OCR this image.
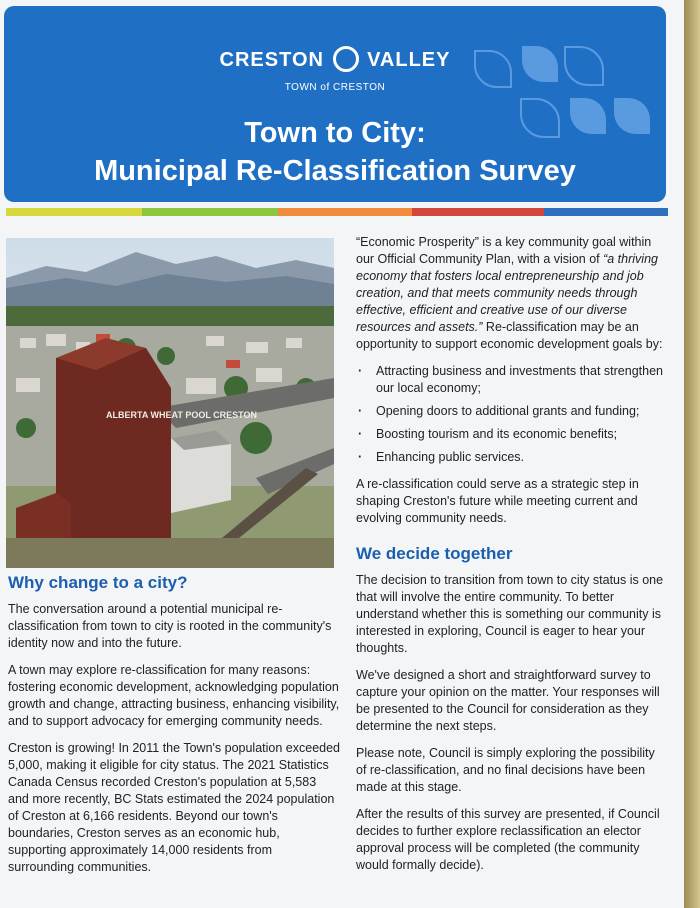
CRESTON VALLEY
TOWN of CRESTON
Town to City:
Municipal Re-Classification Survey
ALBERTA WHEAT POOL CRESTON
Why change to a city?

The conversation around a potential municipal re-classification from town to city is rooted in the community's identity now and into the future.

A town may explore re-classification for many reasons: fostering economic development, acknowledging population growth and change, attracting business, enhancing visibility, and to support advocacy for emerging community needs.

Creston is growing! In 2011 the Town's population exceeded 5,000, making it eligible for city status. The 2021 Statistics Canada Census recorded Creston's population at 5,583 and more recently, BC Stats estimated the 2024 population of Creston at 6,166 residents. Beyond our town's boundaries, Creston serves as an economic hub, supporting approximately 14,000 residents from surrounding communities.

“Economic Prosperity” is a key community goal within our Official Community Plan, with a vision of “a thriving economy that fosters local entrepreneurship and job creation, and that meets community needs through effective, efficient and creative use of our diverse resources and assets.” Re-classification may be an opportunity to support economic development goals by:

· Attracting business and investments that strengthen our local economy;
· Opening doors to additional grants and funding;
· Boosting tourism and its economic benefits;
· Enhancing public services.

A re-classification could serve as a strategic step in shaping Creston's future while meeting current and evolving community needs.

We decide together

The decision to transition from town to city status is one that will involve the entire community. To better understand whether this is something our community is interested in exploring, Council is eager to hear your thoughts.

We've designed a short and straightforward survey to capture your opinion on the matter. Your responses will be presented to the Council for consideration as they determine the next steps.

Please note, Council is simply exploring the possibility of re-classification, and no final decisions have been made at this stage.

After the results of this survey are presented, if Council decides to further explore reclassification an elector approval process will be completed (the community would formally decide).
